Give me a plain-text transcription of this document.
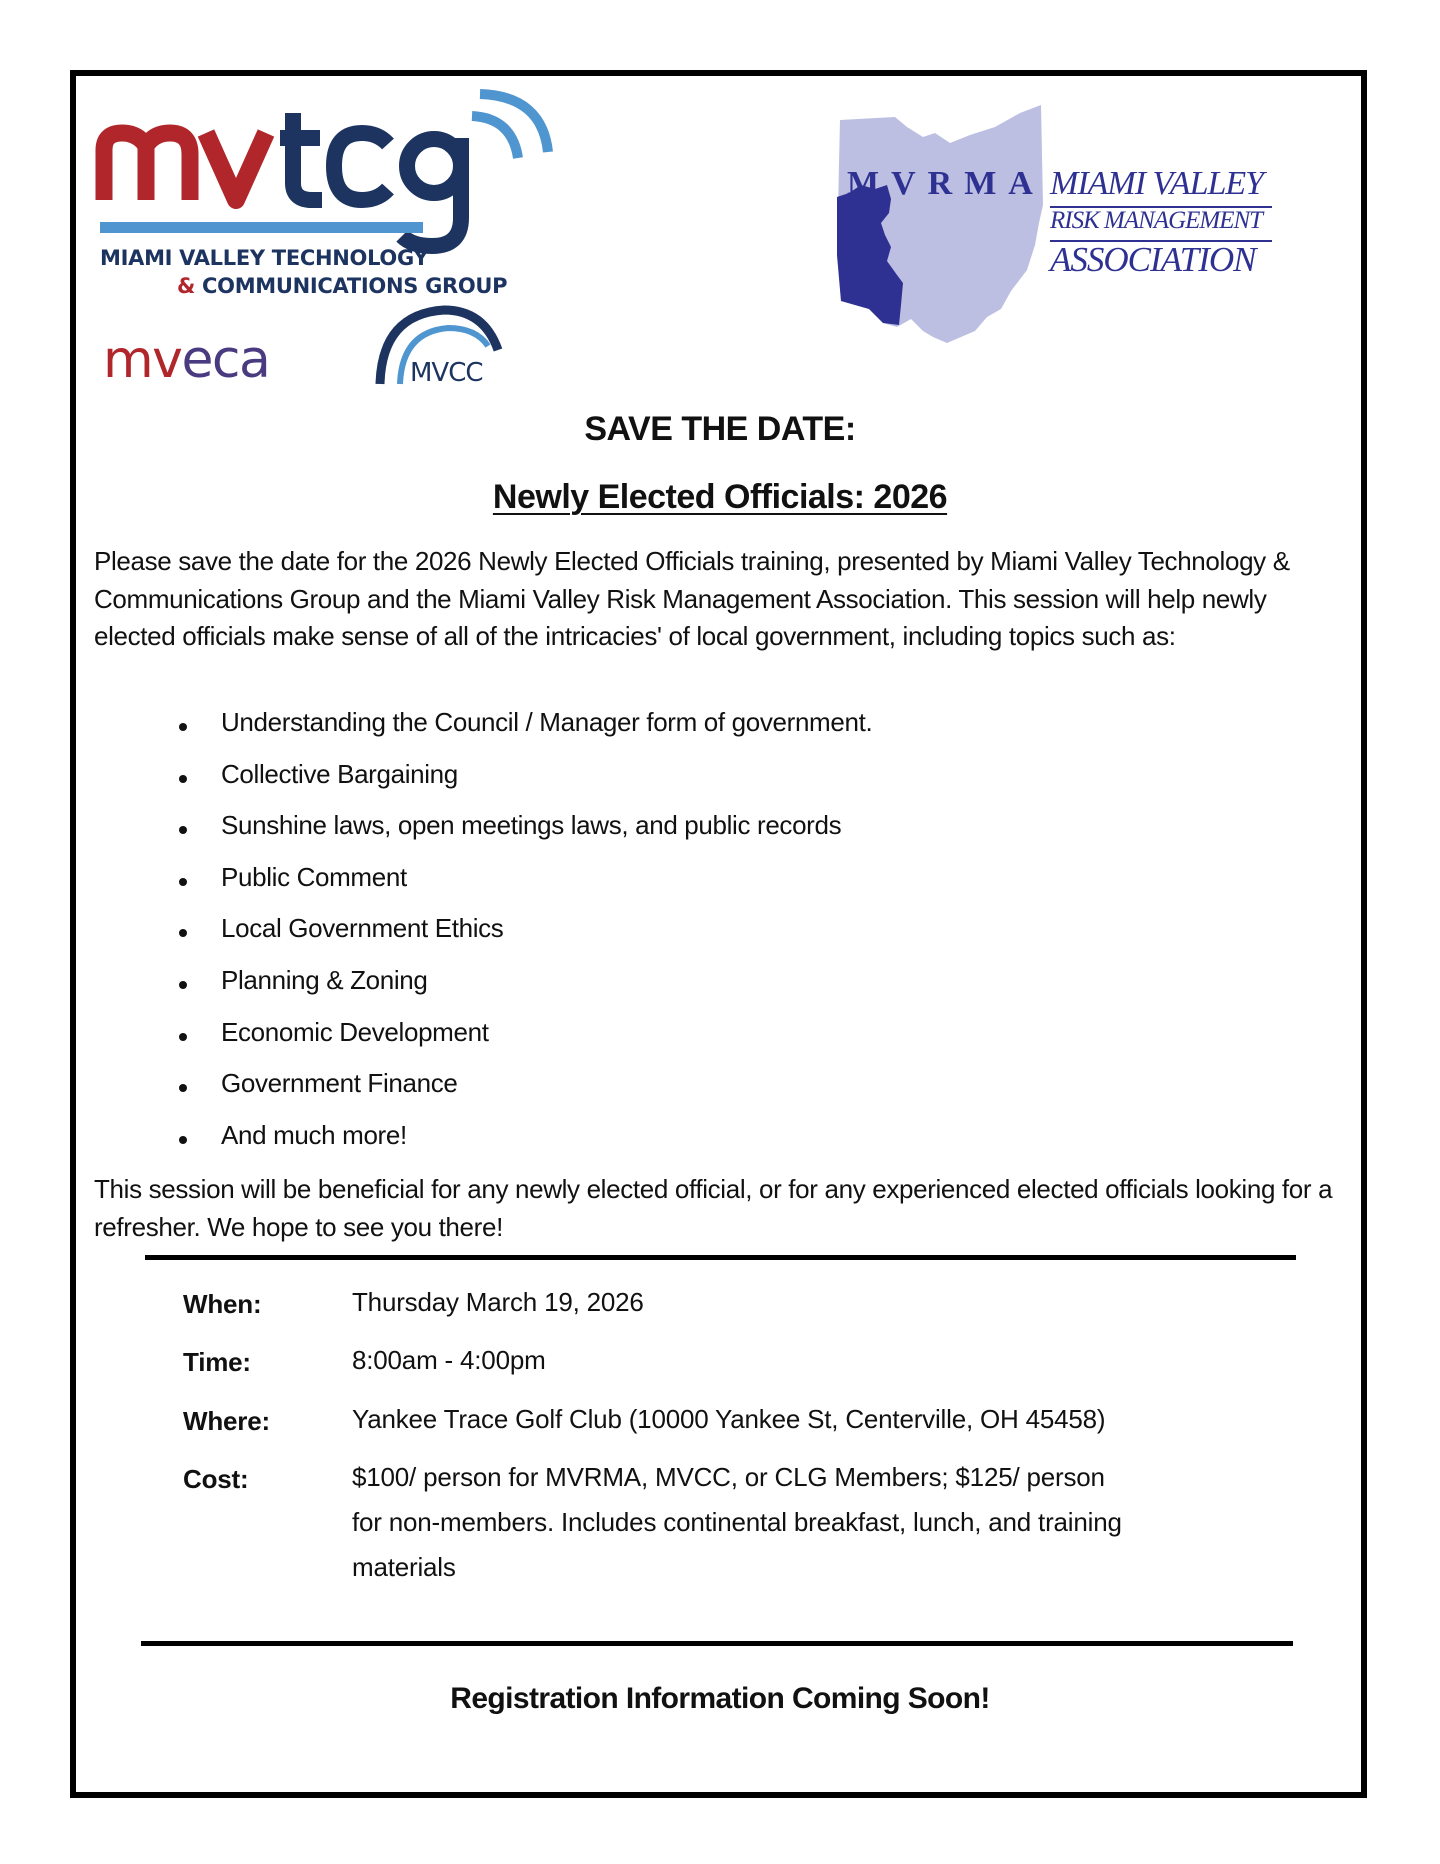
MIAMI VALLEY TECHNOLOGY
& COMMUNICATIONS GROUP
mveca	MVCC
MVRMA MIAMI VALLEY
RISK MANAGEMENT
ASSOCIATION
SAVE THE DATE:
Newly Elected Officials: 2026
Please save the date for the 2026 Newly Elected Officials training, presented by Miami Valley Technology & Communications Group and the Miami Valley Risk Management Association. This session will help newly elected officials make sense of all of the intricacies' of local government, including topics such as:
Understanding the Council / Manager form of government.
Collective Bargaining
Sunshine laws, open meetings laws, and public records
Public Comment
Local Government Ethics
Planning & Zoning
Economic Development
Government Finance
And much more!
This session will be beneficial for any newly elected official, or for any experienced elected officials looking for a refresher. We hope to see you there!
When:	Thursday March 19, 2026
Time:	8:00am - 4:00pm
Where:	Yankee Trace Golf Club (10000 Yankee St, Centerville, OH 45458)
Cost:	$100/ person for MVRMA, MVCC, or CLG Members; $125/ person
for non-members. Includes continental breakfast, lunch, and training
materials
Registration Information Coming Soon!
